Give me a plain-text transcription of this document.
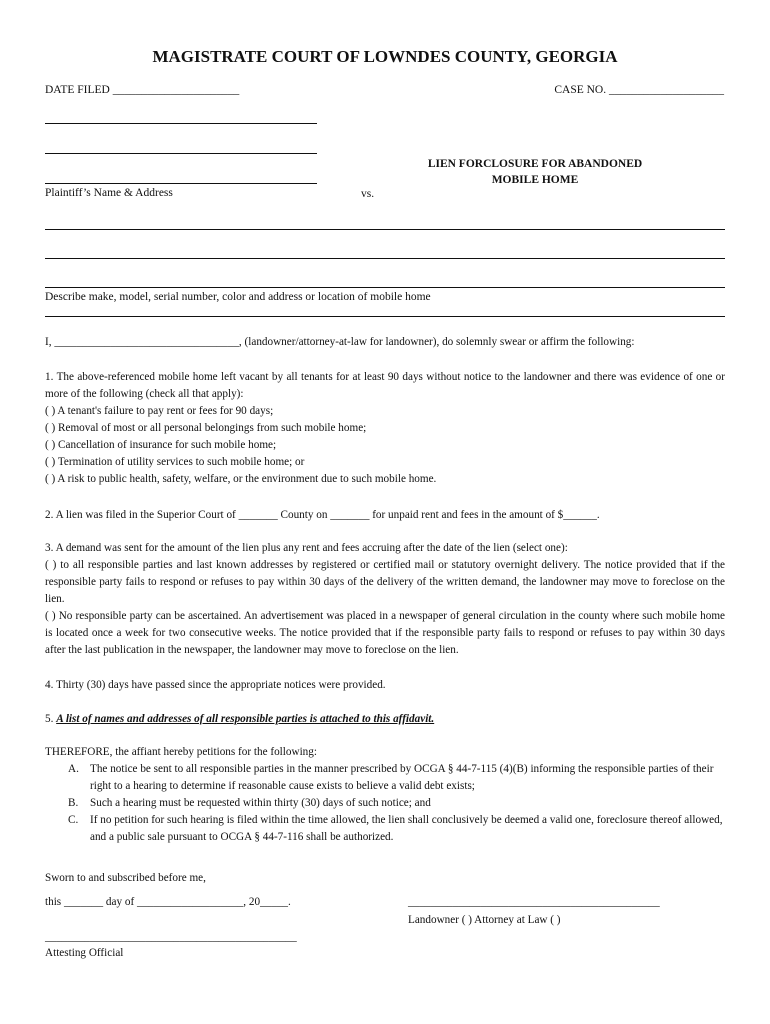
MAGISTRATE COURT OF LOWNDES COUNTY, GEORGIA
DATE FILED ______________________	CASE NO. ____________________
Plaintiff’s Name & Address	vs.
LIEN FORCLOSURE FOR ABANDONED
MOBILE HOME
Describe make, model, serial number, color and address or location of mobile home
I, _________________________________, (landowner/attorney-at-law for landowner), do solemnly swear or affirm the following:
1. The above-referenced mobile home left vacant by all tenants for at least 90 days without notice to the landowner and there was evidence of one or more of the following (check all that apply):
( ) A tenant's failure to pay rent or fees for 90 days;
( ) Removal of most or all personal belongings from such mobile home;
( ) Cancellation of insurance for such mobile home;
( ) Termination of utility services to such mobile home; or
( ) A risk to public health, safety, welfare, or the environment due to such mobile home.
2. A lien was filed in the Superior Court of _______ County on _______ for unpaid rent and fees in the amount of $______.
3. A demand was sent for the amount of the lien plus any rent and fees accruing after the date of the lien (select one):
( ) to all responsible parties and last known addresses by registered or certified mail or statutory overnight delivery. The notice provided that if the responsible party fails to respond or refuses to pay within 30 days of the delivery of the written demand, the landowner may move to foreclose on the lien.
( ) No responsible party can be ascertained. An advertisement was placed in a newspaper of general circulation in the county where such mobile home is located once a week for two consecutive weeks. The notice provided that if the responsible party fails to respond or refuses to pay within 30 days after the last publication in the newspaper, the landowner may move to foreclose on the lien.
4. Thirty (30) days have passed since the appropriate notices were provided.
5. A list of names and addresses of all responsible parties is attached to this affidavit.
THEREFORE, the affiant hereby petitions for the following:
A. The notice be sent to all responsible parties in the manner prescribed by OCGA § 44-7-115 (4)(B) informing the responsible parties of their right to a hearing to determine if reasonable cause exists to believe a valid debt exists;
B.	Such a hearing must be requested within thirty (30) days of such notice; and
C.	If no petition for such hearing is filed within the time allowed, the lien shall conclusively be deemed a valid one, foreclosure thereof allowed, and a public sale pursuant to OCGA § 44-7-116 shall be authorized.
Sworn to and subscribed before me,
this _______ day of ___________________, 20_____.	_____________________________________________
Landowner ( ) Attorney at Law ( )
_____________________________________________
Attesting Official
